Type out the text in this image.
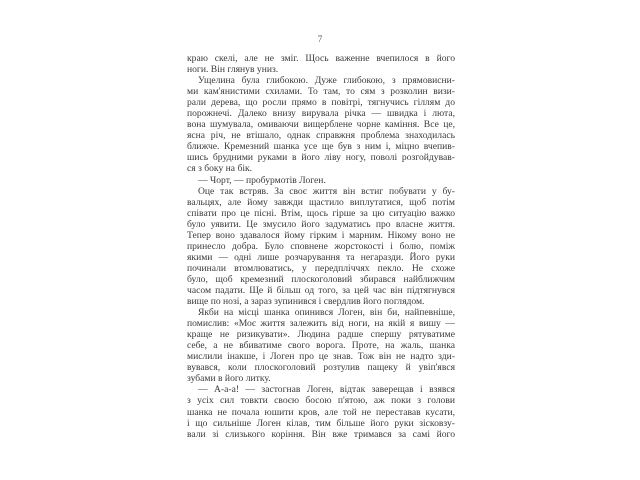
7
краю скелі, але не зміг. Щось важенне вчепилося в його
ноги. Він глянув униз.
Ущелина була глибокою. Дуже глибокою, з прямовисни-
ми кам'янистими схилами. То там, то сям з розколин визи-
рали дерева, що росли прямо в повітрі, тягнучись гіллям до
порожнечі. Далеко внизу вирувала річка — швидка і люта,
вона шумувала, омиваючи вищерблене чорне каміння. Все це,
ясна річ, не втішало, однак справжня проблема знаходилась
ближче. Кремезний шанка усе ще був з ним і, міцно вчепив-
шись брудними руками в його ліву ногу, поволі розгойдував-
ся з боку на бік.
— Чорт, — пробурмотів Логен.
Оце так встряв. За своє життя він встиг побувати у бу-
вальцях, але йому завжди щастило виплутатися, щоб потім
співати про це пісні. Втім, щось гірше за цю ситуацію важко
було уявити. Це змусило його задуматись про власне життя.
Тепер воно здавалося йому гірким і марним. Нікому воно не
принесло добра. Було сповнене жорстокості і болю, поміж
якими — одні лише розчарування та негаразди. Його руки
починали втомлюватись, у передпліччях пекло. Не схоже
було, щоб кремезний плоскоголовий збирався найближчим
часом падати. Ще й більш од того, за цей час він підтягнувся
вище по нозі, а зараз зупинився і свердлив його поглядом.
Якби на місці шанка опинився Логен, він би, найпевніше,
помислив: «Моє життя залежить від ноги, на якій я вишу —
краще не ризикувати». Людина радше спершу рятуватиме
себе, а не вбиватиме свого ворога. Проте, на жаль, шанка
мислили інакше, і Логен про це знав. Тож він не надто зди-
вувався, коли плоскоголовий розтулив пащеку й увіп'явся
зубами в його литку.
— А-а-а! — застогнав Логен, відтак заверещав і взявся
з усіх сил товкти своєю босою п'ятою, аж поки з голови
шанка не почала юшити кров, але той не переставав кусати,
і що сильніше Логен кілав, тим більше його руки зісковзу-
вали зі слизького коріння. Він вже тримався за самі його
